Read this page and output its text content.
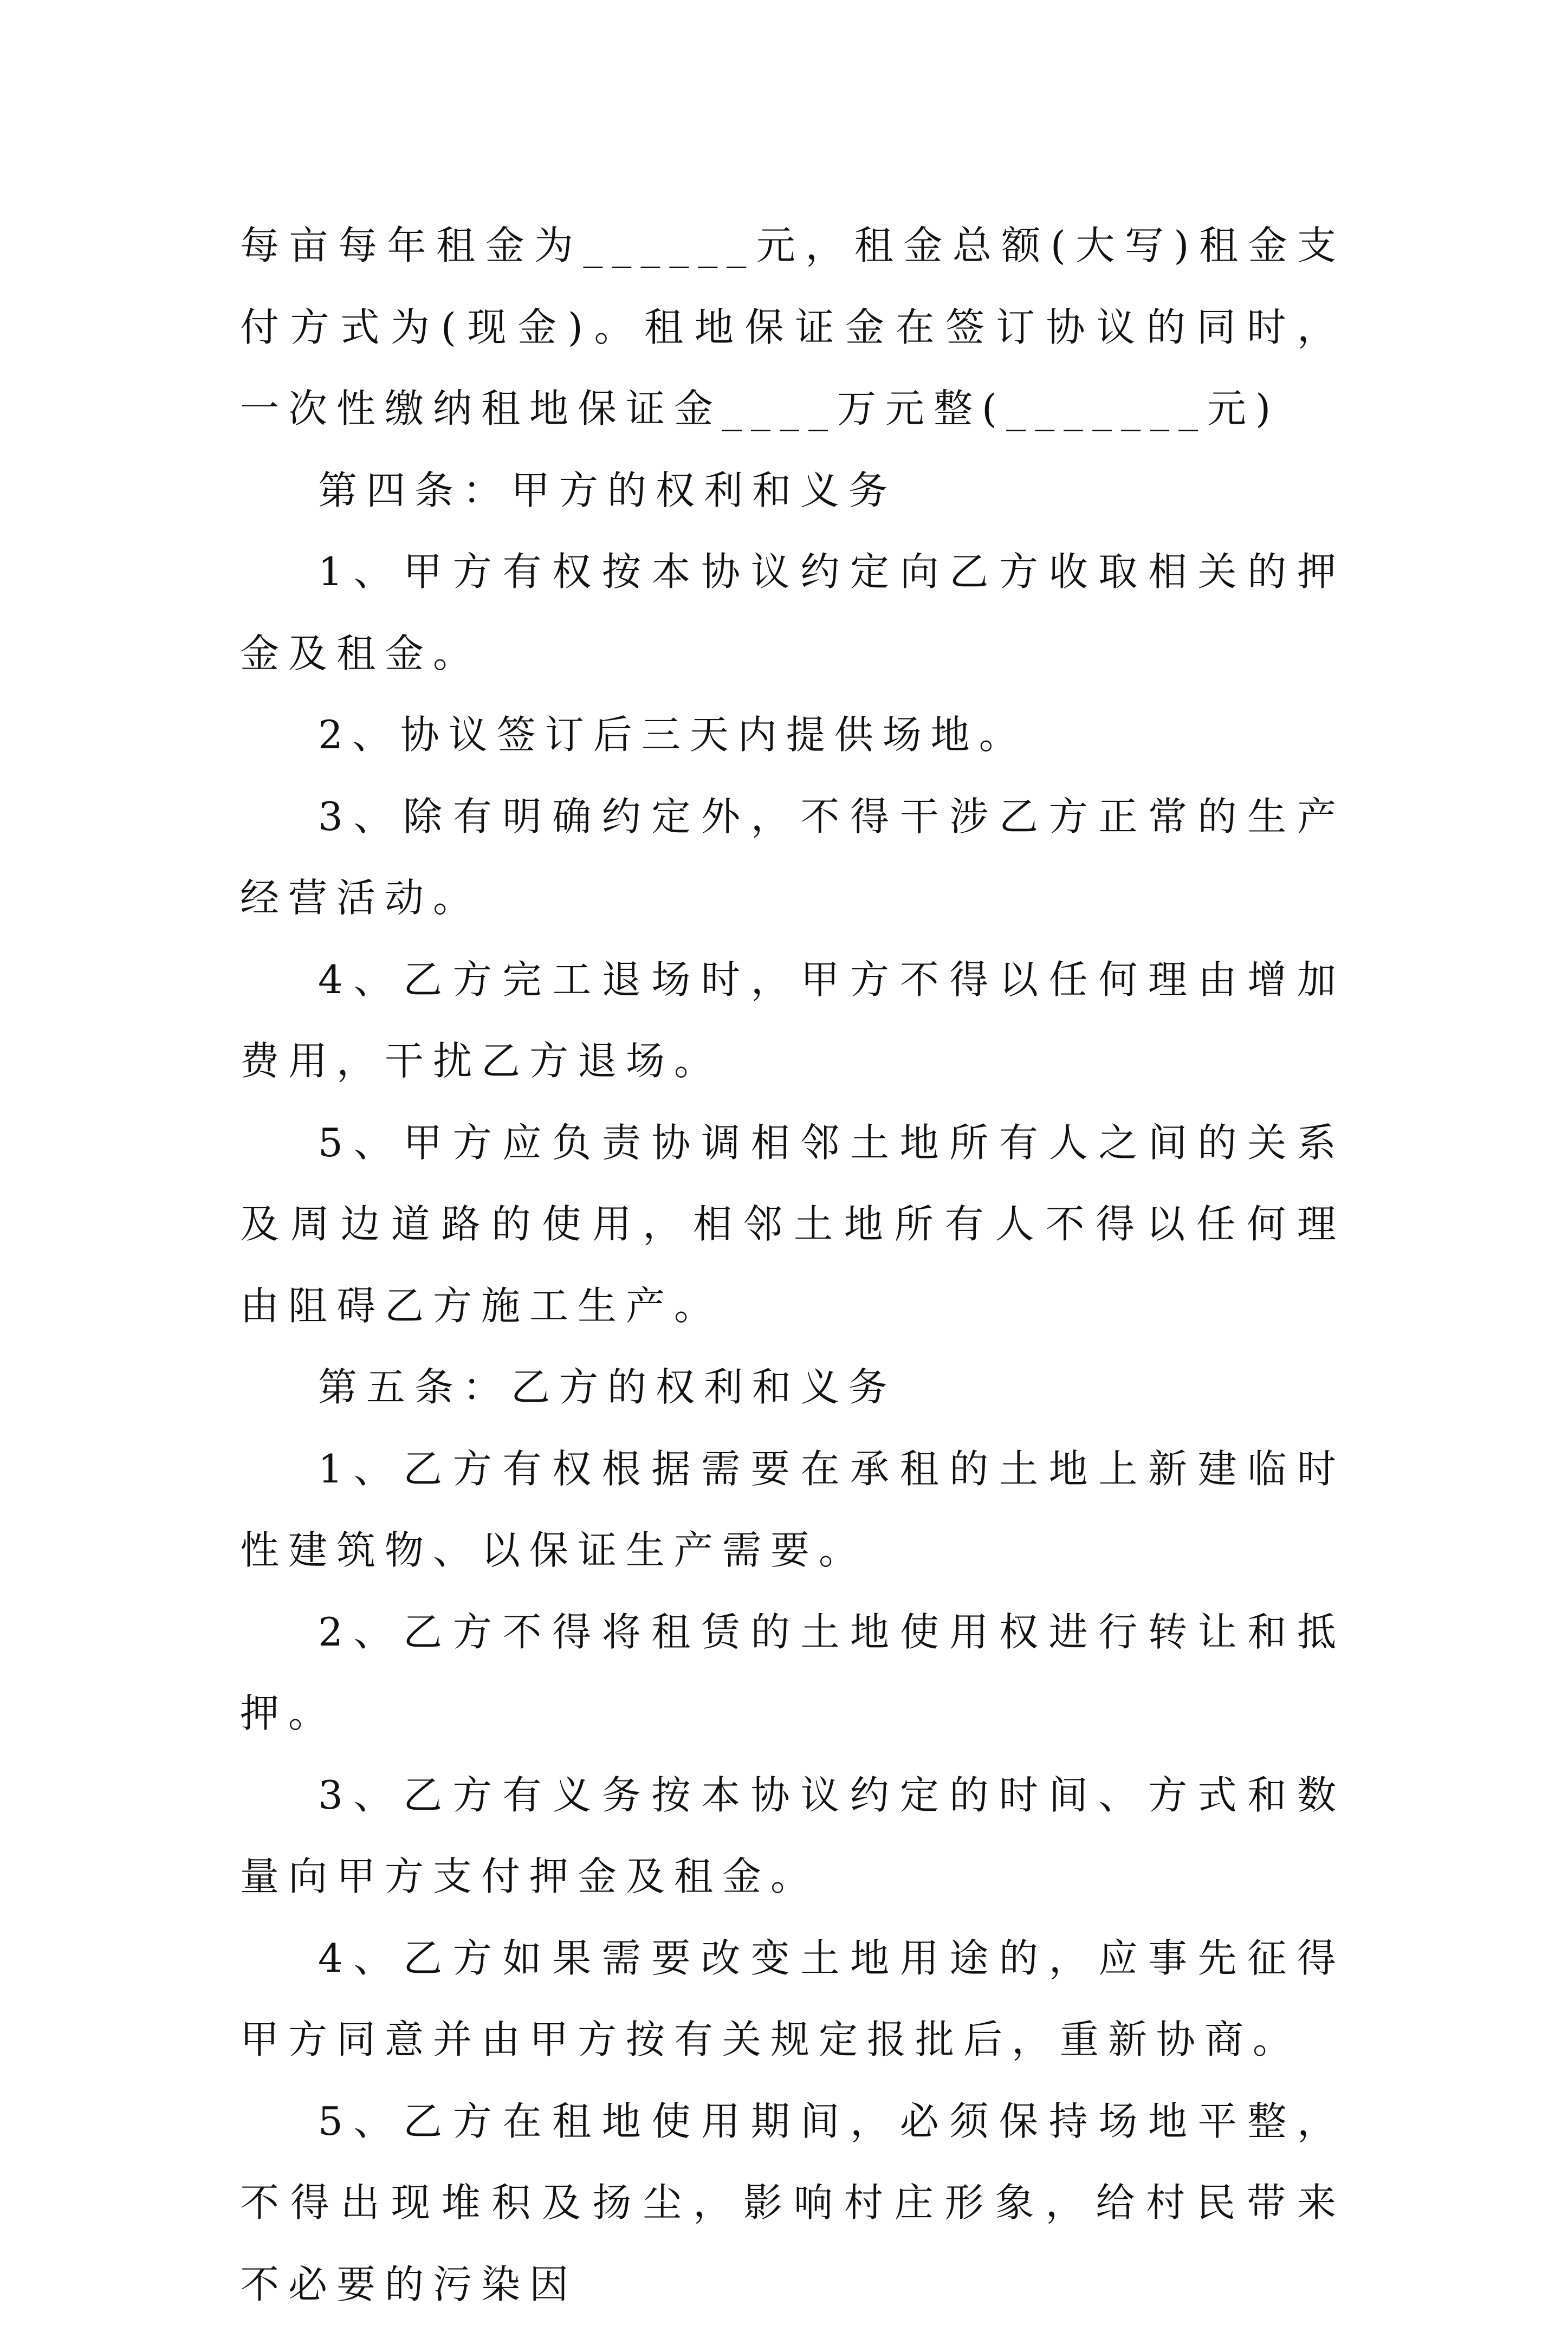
每亩每年租金为______元，租金总额(大写)租金支付方式为(现金)。租地保证金在签订协议的同时，一次性缴纳租地保证金____万元整(_______元)

第四条：甲方的权利和义务

1、甲方有权按本协议约定向乙方收取相关的押金及租金。

2、协议签订后三天内提供场地。

3、除有明确约定外，不得干涉乙方正常的生产经营活动。

4、乙方完工退场时，甲方不得以任何理由增加费用，干扰乙方退场。

5、甲方应负责协调相邻土地所有人之间的关系及周边道路的使用，相邻土地所有人不得以任何理由阻碍乙方施工生产。

第五条：乙方的权利和义务

1、乙方有权根据需要在承租的土地上新建临时性建筑物、以保证生产需要。

2、乙方不得将租赁的土地使用权进行转让和抵押。

3、乙方有义务按本协议约定的时间、方式和数量向甲方支付押金及租金。

4、乙方如果需要改变土地用途的，应事先征得甲方同意并由甲方按有关规定报批后，重新协商。

5、乙方在租地使用期间，必须保持场地平整，不得出现堆积及扬尘，影响村庄形象，给村民带来不必要的污染因
